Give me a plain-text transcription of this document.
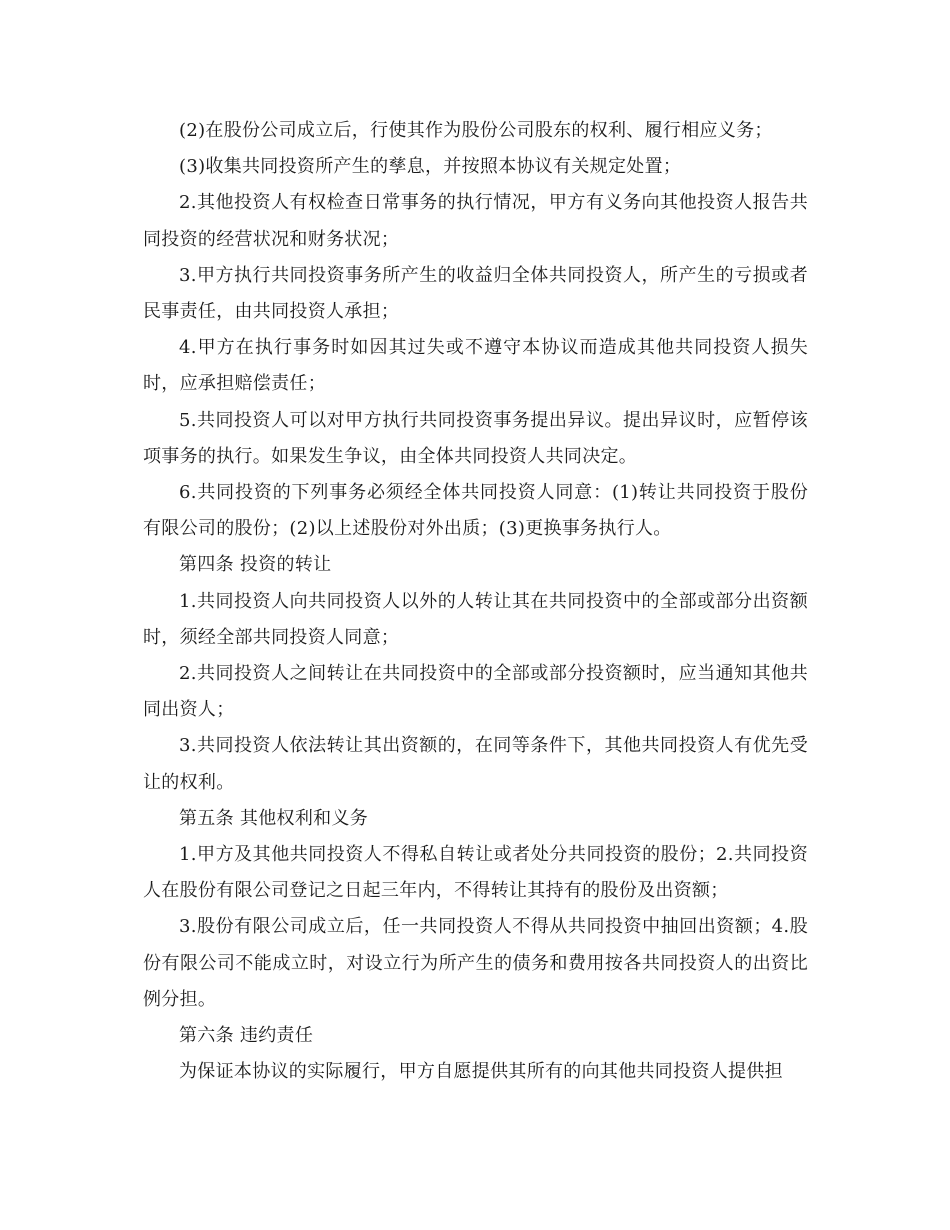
(2)在股份公司成立后，行使其作为股份公司股东的权利、履行相应义务；

(3)收集共同投资所产生的孳息，并按照本协议有关规定处置；

2.其他投资人有权检查日常事务的执行情况，甲方有义务向其他投资人报告共同投资的经营状况和财务状况；

3.甲方执行共同投资事务所产生的收益归全体共同投资人，所产生的亏损或者民事责任，由共同投资人承担；

4.甲方在执行事务时如因其过失或不遵守本协议而造成其他共同投资人损失时，应承担赔偿责任；

5.共同投资人可以对甲方执行共同投资事务提出异议。提出异议时，应暂停该项事务的执行。如果发生争议，由全体共同投资人共同决定。

6.共同投资的下列事务必须经全体共同投资人同意：(1)转让共同投资于股份有限公司的股份；(2)以上述股份对外出质；(3)更换事务执行人。

第四条 投资的转让

1.共同投资人向共同投资人以外的人转让其在共同投资中的全部或部分出资额时，须经全部共同投资人同意；

2.共同投资人之间转让在共同投资中的全部或部分投资额时，应当通知其他共同出资人；

3.共同投资人依法转让其出资额的，在同等条件下，其他共同投资人有优先受让的权利。

第五条 其他权利和义务

1.甲方及其他共同投资人不得私自转让或者处分共同投资的股份；2.共同投资人在股份有限公司登记之日起三年内，不得转让其持有的股份及出资额；

3.股份有限公司成立后，任一共同投资人不得从共同投资中抽回出资额；4.股份有限公司不能成立时，对设立行为所产生的债务和费用按各共同投资人的出资比例分担。

第六条 违约责任

为保证本协议的实际履行，甲方自愿提供其所有的向其他共同投资人提供担
